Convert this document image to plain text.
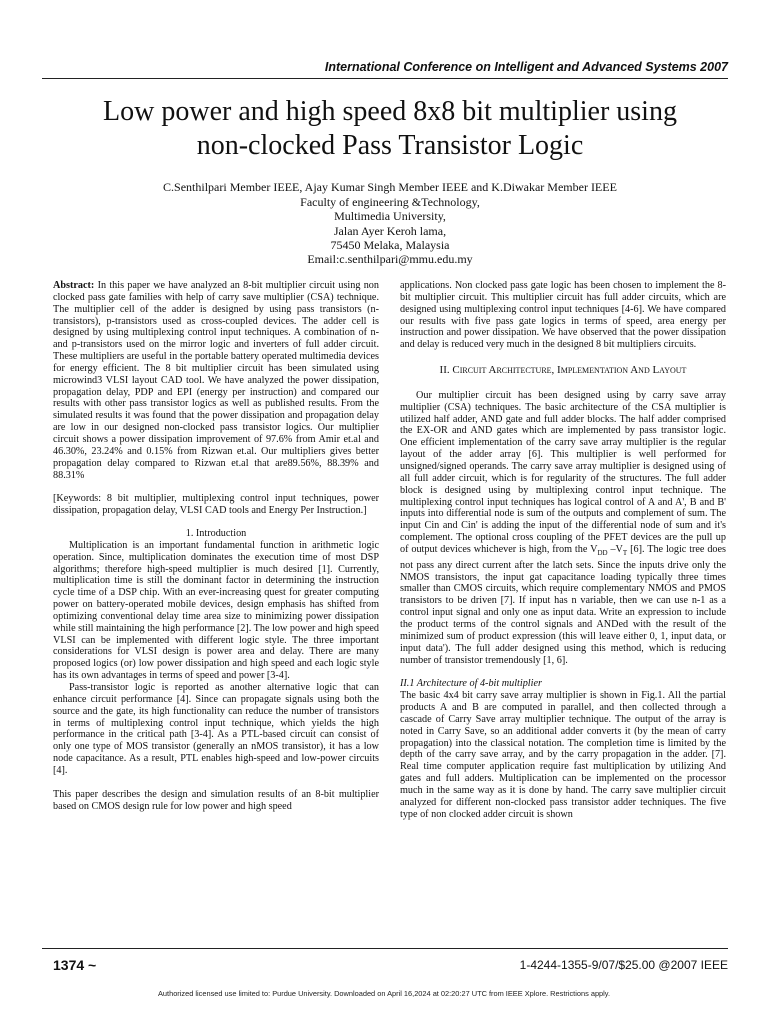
International Conference on Intelligent and Advanced Systems 2007
Low power and high speed 8x8 bit multiplier using
non-clocked Pass Transistor Logic
C.Senthilpari Member IEEE, Ajay Kumar Singh Member IEEE and K.Diwakar Member IEEE
Faculty of engineering &Technology,
Multimedia University,
Jalan Ayer Keroh lama,
75450 Melaka, Malaysia
Email:c.senthilpari@mmu.edu.my

Abstract: In this paper we have analyzed an 8-bit multiplier circuit using non clocked pass gate families with help of carry save multiplier (CSA) technique. The multiplier cell of the adder is designed by using pass transistors (n-transistors), p-transistors used as cross-coupled devices. The adder cell is designed by using multiplexing control input techniques. A combination of n- and p-transistors used on the mirror logic and inverters of full adder circuit. These multipliers are useful in the portable battery operated multimedia devices for energy efficient. The 8 bit multiplier circuit has been simulated using microwind3 VLSI layout CAD tool. We have analyzed the power dissipation, propagation delay, PDP and EPI (energy per instruction) and compared our results with other pass transistor logics as well as published results. From the simulated results it was found that the power dissipation and propagation delay are low in our designed non-clocked pass transistor logics. Our multiplier circuit shows a power dissipation improvement of 97.6% from Amir et.al and 46.30%, 23.24% and 0.15% from Rizwan et.al. Our multipliers gives better propagation delay compared to Rizwan et.al that are89.56%, 88.39% and 88.31%

[Keywords: 8 bit multiplier, multiplexing control input techniques, power dissipation, propagation delay, VLSI CAD tools and Energy Per Instruction.]

1. Introduction

Multiplication is an important fundamental function in arithmetic logic operation. Since, multiplication dominates the execution time of most DSP algorithms; therefore high-speed multiplier is much desired [1]. Currently, multiplication time is still the dominant factor in determining the instruction cycle time of a DSP chip. With an ever-increasing quest for greater computing power on battery-operated mobile devices, design emphasis has shifted from optimizing conventional delay time area size to minimizing power dissipation while still maintaining the high performance [2]. The low power and high speed VLSI can be implemented with different logic style. The three important considerations for VLSI design is power area and delay. There are many proposed logics (or) low power dissipation and high speed and each logic style has its own advantages in terms of speed and power [3-4].

Pass-transistor logic is reported as another alternative logic that can enhance circuit performance [4]. Since can propagate signals using both the source and the gate, its high functionality can reduce the number of transistors in terms of multiplexing control input technique, which yields the high performance in the critical path [3-4]. As a PTL-based circuit can consist of only one type of MOS transistor (generally an nMOS transistor), it has a low node capacitance. As a result, PTL enables high-speed and low-power circuits [4].

This paper describes the design and simulation results of an 8-bit multiplier based on CMOS design rule for low power and high speed

applications. Non clocked pass gate logic has been chosen to implement the 8-bit multiplier circuit. This multiplier circuit has full adder circuits, which are designed using multiplexing control input techniques [4-6]. We have compared our results with five pass gate logics in terms of speed, area energy per instruction and power dissipation. We have observed that the power dissipation and delay is reduced very much in the designed 8 bit multipliers circuits.

II. Circuit Architecture, Implementation And Layout

Our multiplier circuit has been designed using by carry save array multiplier (CSA) techniques. The basic architecture of the CSA multiplier is utilized half adder, AND gate and full adder blocks. The half adder comprised the EX-OR and AND gates which are implemented by pass transistor logic. One efficient implementation of the carry save array multiplier is the regular layout of the adder array [6]. This multiplier is well performed for unsigned/signed operands. The carry save array multiplier is designed using of all full adder circuit, which is for regularity of the structures. The full adder block is designed using by multiplexing control input technique. The multiplexing control input techniques has logical control of A and A', B and B' inputs into differential node is sum of the outputs and complement of sum. The input Cin and Cin' is adding the input of the differential node of sum and it's complement. The optional cross coupling of the PFET devices are the pull up of output devices whichever is high, from the $V_{DD}$ $-V_T$ [6]. The logic tree does not pass any direct current after the latch sets. Since the inputs drive only the NMOS transistors, the input gat capacitance loading typically three times smaller than CMOS circuits, which require complementary NMOS and PMOS transistors to be driven [7]. If input has n variable, then we can use n-1 as a control input signal and only one as input data. Write an expression to include the product terms of the control signals and ANDed with the result of the minimized sum of product expression (this will leave either 0, 1, input data, or input data'). The full adder designed using this method, which is reducing number of transistor tremendously [1, 6].

II.1 Architecture of 4-bit multiplier

The basic 4x4 bit carry save array multiplier is shown in Fig.1. All the partial products A and B are computed in parallel, and then collected through a cascade of Carry Save array multiplier technique. The output of the array is noted in Carry Save, so an additional adder converts it (by the mean of carry propagation) into the classical notation. The completion time is limited by the depth of the carry save array, and by the carry propagation in the adder. [7]. Real time computer application require fast multiplication by utilizing And gates and full adders. Multiplication can be implemented on the processor much in the same way as it is done by hand. The carry save multiplier circuit analyzed for different non-clocked pass transistor adder techniques. The five type of non clocked adder circuit is shown

1374 ~	1-4244-1355-9/07/$25.00 @2007 IEEE
Authorized licensed use limited to: Purdue University. Downloaded on April 16,2024 at 02:20:27 UTC from IEEE Xplore. Restrictions apply.
